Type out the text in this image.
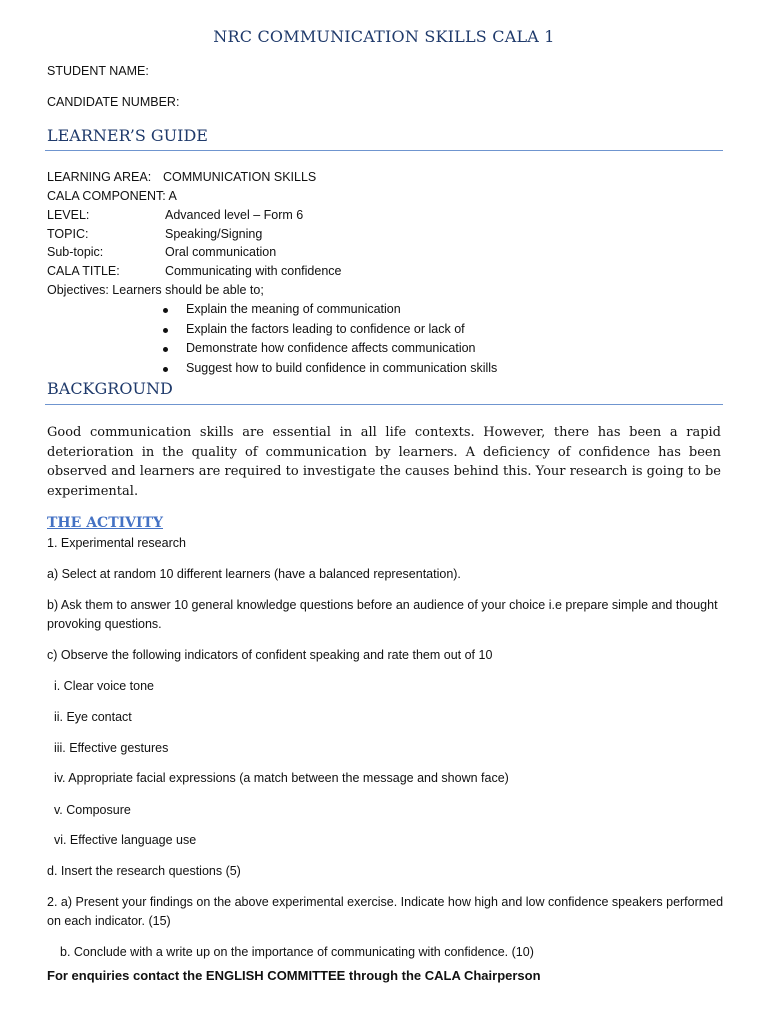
NRC COMMUNICATION SKILLS CALA 1
STUDENT NAME:
CANDIDATE NUMBER:
LEARNER’S GUIDE
LEARNING AREA: COMMUNICATION SKILLS
CALA COMPONENT: A
LEVEL:	Advanced level – Form 6
TOPIC:	Speaking/Signing
Sub-topic:	Oral communication
CALA TITLE:	Communicating with confidence
Objectives: Learners should be able to;
Explain the meaning of communication
Explain the factors leading to confidence or lack of
Demonstrate how confidence affects communication
Suggest how to build confidence in communication skills
BACKGROUND
Good communication skills are essential in all life contexts. However, there has been a rapid deterioration in the quality of communication by learners. A deficiency of confidence has been observed and learners are required to investigate the causes behind this. Your research is going to be experimental.
THE ACTIVITY
1. Experimental research
a) Select at random 10 different learners (have a balanced representation).
b) Ask them to answer 10 general knowledge questions before an audience of your choice i.e prepare simple and thought provoking questions.
c) Observe the following indicators of confident speaking and rate them out of 10
i. Clear voice tone
ii. Eye contact
iii. Effective gestures
iv. Appropriate facial expressions (a match between the message and shown face)
v. Composure
vi. Effective language use
d. Insert the research questions (5)
2. a) Present your findings on the above experimental exercise. Indicate how high and low confidence speakers performed on each indicator. (15)
b. Conclude with a write up on the importance of communicating with confidence. (10)
For enquiries contact the ENGLISH COMMITTEE through the CALA Chairperson
